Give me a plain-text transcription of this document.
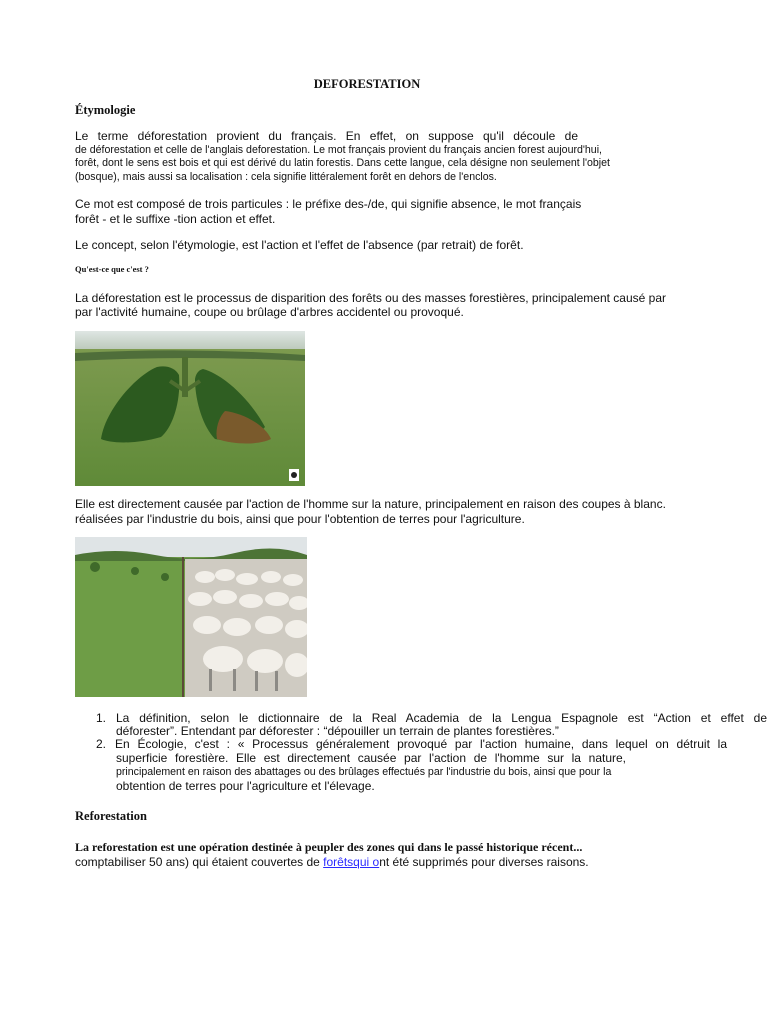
DEFORESTATION
Étymologie
Le terme déforestation provient du français. En effet, on suppose qu'il découle de
de déforestation et celle de l'anglais deforestation. Le mot français provient du français ancien forest aujourd'hui,
forêt, dont le sens est bois et qui est dérivé du latin forestis. Dans cette langue, cela désigne non seulement l'objet
(bosque), mais aussi sa localisation : cela signifie littéralement forêt en dehors de l'enclos.
Ce mot est composé de trois particules : le préfixe des-/de, qui signifie absence, le mot français
forêt - et le suffixe -tion action et effet.
Le concept, selon l'étymologie, est l'action et l'effet de l'absence (par retrait) de forêt.
Qu'est-ce que c'est ?
La déforestation est le processus de disparition des forêts ou des masses forestières, principalement causé par
par l'activité humaine, coupe ou brûlage d'arbres accidentel ou provoqué.
Elle est directement causée par l'action de l'homme sur la nature, principalement en raison des coupes à blanc.
réalisées par l'industrie du bois, ainsi que pour l'obtention de terres pour l'agriculture.
1. La définition, selon le dictionnaire de la Real Academia de la Lengua Espagnole est “Action et effet de
déforester”. Entendant par déforester : “dépouiller un terrain de plantes forestières.”
2. En Écologie, c'est : « Processus généralement provoqué par l'action humaine, dans lequel on détruit la
superficie forestière. Elle est directement causée par l'action de l'homme sur la nature,
principalement en raison des abattages ou des brûlages effectués par l'industrie du bois, ainsi que pour la
obtention de terres pour l'agriculture et l'élevage.
Reforestation
La reforestation est une opération destinée à peupler des zones qui dans le passé historique récent...
comptabiliser 50 ans) qui étaient couvertes de forêtsqui ont été supprimés pour diverses raisons.
